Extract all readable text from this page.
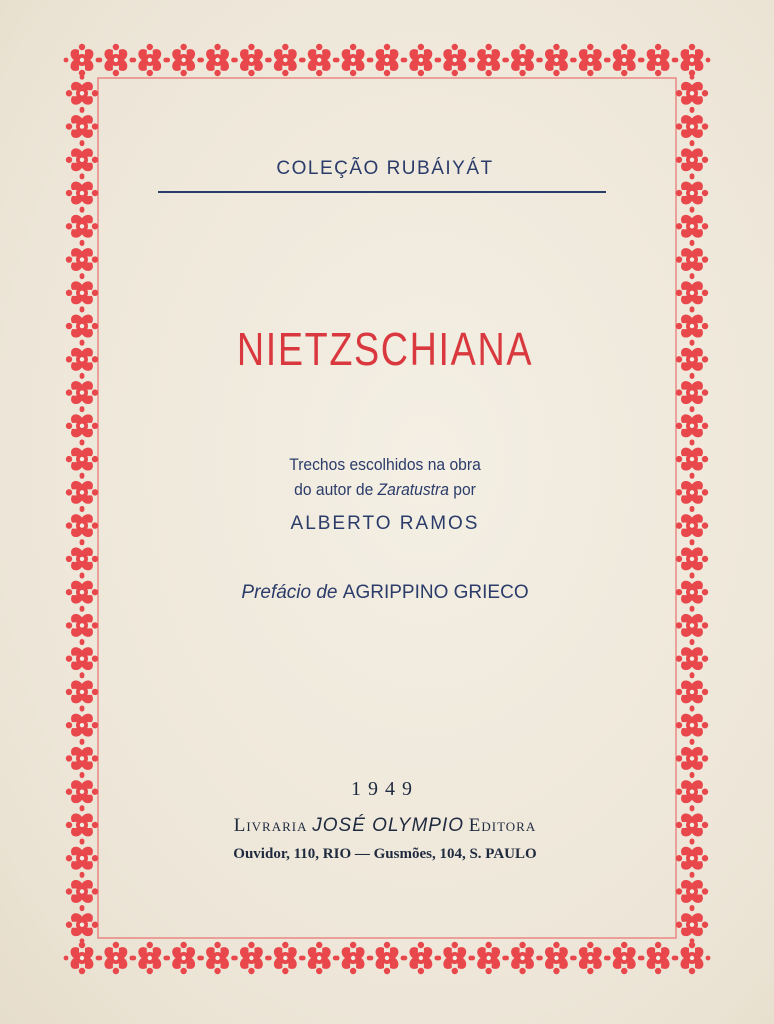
COLEÇÃO RUBÁIYÁT
NIETZSCHIANA
Trechos escolhidos na obra
do autor de Zaratustra por
ALBERTO RAMOS
Prefácio de AGRIPPINO GRIECO
1949
Livraria JOSÉ OLYMPIO Editora
Ouvidor, 110, RIO — Gusmões, 104, S. PAULO
